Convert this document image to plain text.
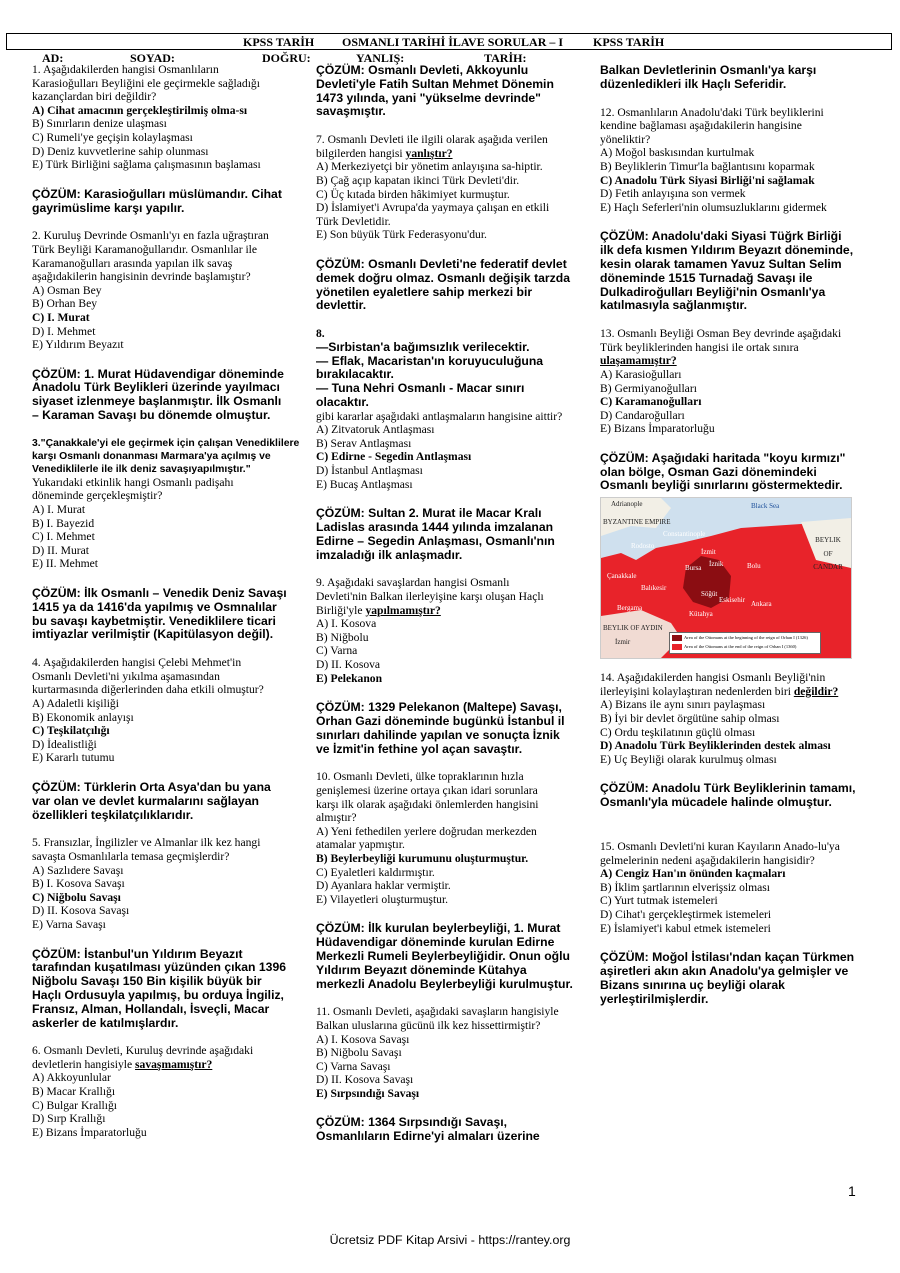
KPSS TARİH OSMANLI TARİHİ İLAVE SORULAR – I KPSS TARİH
AD:	SOYAD:	DOĞRU:	YANLIŞ:	TARİH:

1. Aşağıdakilerden hangisi Osmanlıların

Karasioğulları Beyliğini ele geçirmekle sağladığı

kazançlardan biri değildir?

A) Cihat amacının gerçekleştirilmiş olma-sı

B) Sınırların denize ulaşması

C) Rumeli'ye geçişin kolaylaşması

D) Deniz kuvvetlerine sahip olunması

E) Türk Birliğini sağlama çalışmasının başlaması

ÇÖZÜM: Karasioğulları müslümandır. Cihat
gayrimüslime karşı yapılır.

2. Kuruluş Devrinde Osmanlı'yı en fazla uğraştıran

Türk Beyliği Karamanoğullarıdır. Osmanlılar ile

Karamanoğulları arasında yapılan ilk savaş

aşağıdakilerin hangisinin devrinde başlamıştır?

A) Osman Bey

B) Orhan Bey

C) I. Murat

D) I. Mehmet

E) Yıldırım Beyazıt

ÇÖZÜM: 1. Murat Hüdavendigar döneminde
Anadolu Türk Beylikleri üzerinde yayılmacı
siyaset izlenmeye başlanmıştır. İlk Osmanlı
– Karaman Savaşı bu dönemde olmuştur.

3."Çanakkale'yi ele geçirmek için çalışan Venediklilere

karşı Osmanlı donanması Marmara'ya açılmış ve

Venediklilerle ile ilk deniz savaşıyapılmıştır."

Yukarıdaki etkinlik hangi Osmanlı padişahı

döneminde gerçekleşmiştir?

A) I. Murat

B) I. Bayezid

C) I. Mehmet

D) II. Murat

E) II. Mehmet

ÇÖZÜM: İlk Osmanlı – Venedik Deniz Savaşı
1415 ya da 1416'da yapılmış ve Osmnalılar
bu savaşı kaybetmiştir. Venediklilere ticari
imtiyazlar verilmiştir (Kapitülasyon değil).

4. Aşağıdakilerden hangisi Çelebi Mehmet'in

Osmanlı Devleti'ni yıkılma aşamasından

kurtarmasında diğerlerinden daha etkili olmuştur?

A) Adaletli kişiliği

B) Ekonomik anlayışı

C) Teşkilatçılığı

D) İdealistliği

E) Kararlı tutumu

ÇÖZÜM: Türklerin Orta Asya'dan bu yana
var olan ve devlet kurmalarını sağlayan
özellikleri teşkilatçılıklarıdır.

5. Fransızlar, İngilizler ve Almanlar ilk kez hangi

savaşta Osmanlılarla temasa geçmişlerdir?

A) Sazlıdere Savaşı

B) I. Kosova Savaşı

C) Niğbolu Savaşı

D) II. Kosova Savaşı

E) Varna Savaşı

ÇÖZÜM: İstanbul'un Yıldırım Beyazıt
tarafından kuşatılması yüzünden çıkan 1396
Niğbolu Savaşı 150 Bin kişilik büyük bir
Haçlı Ordusuyla yapılmış, bu orduya İngiliz,
Fransız, Alman, Hollandalı, İsveçli, Macar
askerler de katılmışlardır.

6. Osmanlı Devleti, Kuruluş devrinde aşağıdaki

devletlerin hangisiyle savaşmamıştır?

A) Akkoyunlular

B) Macar Krallığı

C) Bulgar Krallığı

D) Sırp Krallığı

E) Bizans İmparatorluğu

ÇÖZÜM: Osmanlı Devleti, Akkoyunlu
Devleti'yle Fatih Sultan Mehmet Dönemin
1473 yılında, yani "yükselme devrinde"
savaşmıştır.

7. Osmanlı Devleti ile ilgili olarak aşağıda verilen

bilgilerden hangisi yanlıştır?

A) Merkeziyetçi bir yönetim anlayışına sa-hiptir.

B) Çağ açıp kapatan ikinci Türk Devleti'dir.

C) Üç kıtada birden hâkimiyet kurmuştur.

D) İslamiyet'i Avrupa'da yaymaya çalışan en etkili

Türk Devletidir.

E) Son büyük Türk Federasyonu'dur.

ÇÖZÜM: Osmanlı Devleti'ne federatif devlet
demek doğru olmaz. Osmanlı değişik tarzda
yönetilen eyaletlere sahip merkezi bir
devlettir.

8.

—Sırbistan'a bağımsızlık verilecektir.

— Eflak, Macaristan'ın koruyuculuğuna

bırakılacaktır.

— Tuna Nehri Osmanlı - Macar sınırı

olacaktır.

gibi kararlar aşağıdaki antlaşmaların hangisine aittir?

A) Zitvatoruk Antlaşması

B) Serav Antlaşması

C) Edirne - Segedin Antlaşması

D) İstanbul Antlaşması

E) Bucaş Antlaşması

ÇÖZÜM: Sultan 2. Murat ile Macar Kralı
Ladislas arasında 1444 yılında imzalanan
Edirne – Segedin Anlaşması, Osmanlı'nın
imzaladığı ilk anlaşmadır.

9. Aşağıdaki savaşlardan hangisi Osmanlı

Devleti'nin Balkan ilerleyişine karşı oluşan Haçlı

Birliği'yle yapılmamıştır?

A) I. Kosova

B) Niğbolu

C) Varna

D) II. Kosova

E) Pelekanon

ÇÖZÜM: 1329 Pelekanon (Maltepe) Savaşı,
Orhan Gazi döneminde bugünkü İstanbul il
sınırları dahilinde yapılan ve sonuçta İznik
ve İzmit'in fethine yol açan savaştır.

10. Osmanlı Devleti, ülke topraklarının hızla

genişlemesi üzerine ortaya çıkan idari sorunlara

karşı ilk olarak aşağıdaki önlemlerden hangisini

almıştır?

A) Yeni fethedilen yerlere doğrudan merkezden

atamalar yapmıştır.

B) Beylerbeyliği kurumunu oluşturmuştur.

C) Eyaletleri kaldırmıştır.

D) Ayanlara haklar vermiştir.

E) Vilayetleri oluşturmuştur.

ÇÖZÜM: İlk kurulan beylerbeyliği, 1. Murat
Hüdavendigar döneminde kurulan Edirne
Merkezli Rumeli Beylerbeyliğidir. Onun oğlu
Yıldırım Beyazıt döneminde Kütahya
merkezli Anadolu Beylerbeyliği kurulmuştur.

11. Osmanlı Devleti, aşağıdaki savaşların hangisiyle

Balkan uluslarına gücünü ilk kez hissettirmiştir?

A) I. Kosova Savaşı

B) Niğbolu Savaşı

C) Varna Savaşı

D) II. Kosova Savaşı

E) Sırpsındığı Savaşı

ÇÖZÜM: 1364 Sırpsındığı Savaşı,
Osmanlıların Edirne'yi almaları üzerine
Balkan Devletlerinin Osmanlı'ya karşı
düzenledikleri ilk Haçlı Seferidir.

12. Osmanlıların Anadolu'daki Türk beyliklerini

kendine bağlaması aşağıdakilerin hangisine

yöneliktir?

A) Moğol baskısından kurtulmak

B) Beyliklerin Timur'la bağlantısını koparmak

C) Anadolu Türk Siyasi Birliği'ni sağlamak

D) Fetih anlayışına son vermek

E) Haçlı Seferleri'nin olumsuzluklarını gidermek

ÇÖZÜM: Anadolu'daki Siyasi Tüğrk Birliği
ilk defa kısmen Yıldırım Beyazıt döneminde,
kesin olarak tamamen Yavuz Sultan Selim
döneminde 1515 Turnadağ Savaşı ile
Dulkadiroğulları Beyliği'nin Osmanlı'ya
katılmasıyla sağlanmıştır.

13. Osmanlı Beyliği Osman Bey devrinde aşağıdaki

Türk beyliklerinden hangisi ile ortak sınıra

ulaşamamıştır?

A) Karasioğulları

B) Germiyanoğulları

C) Karamanoğulları

D) Candaroğulları

E) Bizans İmparatorluğu

ÇÖZÜM: Aşağıdaki haritada "koyu kırmızı"
olan bölge, Osman Gazi dönemindeki
Osmanlı beyliği sınırlarını göstermektedir.
Adrianople	Black Sea
BYZANTINE EMPIRE
Constantinople
Rodosto
İzmit
İznik
Bursa	Bolu
Çanakkale
Balıkesir
Söğüt
Eskisehir Ankara
Bergama
Kütahya
BEYLIK OF AYDIN
İzmir
BEYLIK OF CANDAR
Area of the Ottomans at the beginning of the reign of Orhan I (1326)
Area of the Ottomans at the end of the reign of Orhan I (1360)

14. Aşağıdakilerden hangisi Osmanlı Beyliği'nin

ilerleyişini kolaylaştıran nedenlerden biri değildir?

A) Bizans ile aynı sınırı paylaşması

B) İyi bir devlet örgütüne sahip olması

C) Ordu teşkilatının güçlü olması

D) Anadolu Türk Beyliklerinden destek alması

E) Uç Beyliği olarak kurulmuş olması

ÇÖZÜM: Anadolu Türk Beyliklerinin tamamı,
Osmanlı'yla mücadele halinde olmuştur.

15. Osmanlı Devleti'ni kuran Kayıların Anado-lu'ya

gelmelerinin nedeni aşağıdakilerin hangisidir?

A) Cengiz Han'ın önünden kaçmaları

B) İklim şartlarının elverişsiz olması

C) Yurt tutmak istemeleri

D) Cihat'ı gerçekleştirmek istemeleri

E) İslamiyet'i kabul etmek istemeleri

ÇÖZÜM: Moğol İstilası'ndan kaçan Türkmen
aşiretleri akın akın Anadolu'ya gelmişler ve
Bizans sınırına uç beyliği olarak
yerleştirilmişlerdir.
1
Ücretsiz PDF Kitap Arsivi - https://rantey.org
